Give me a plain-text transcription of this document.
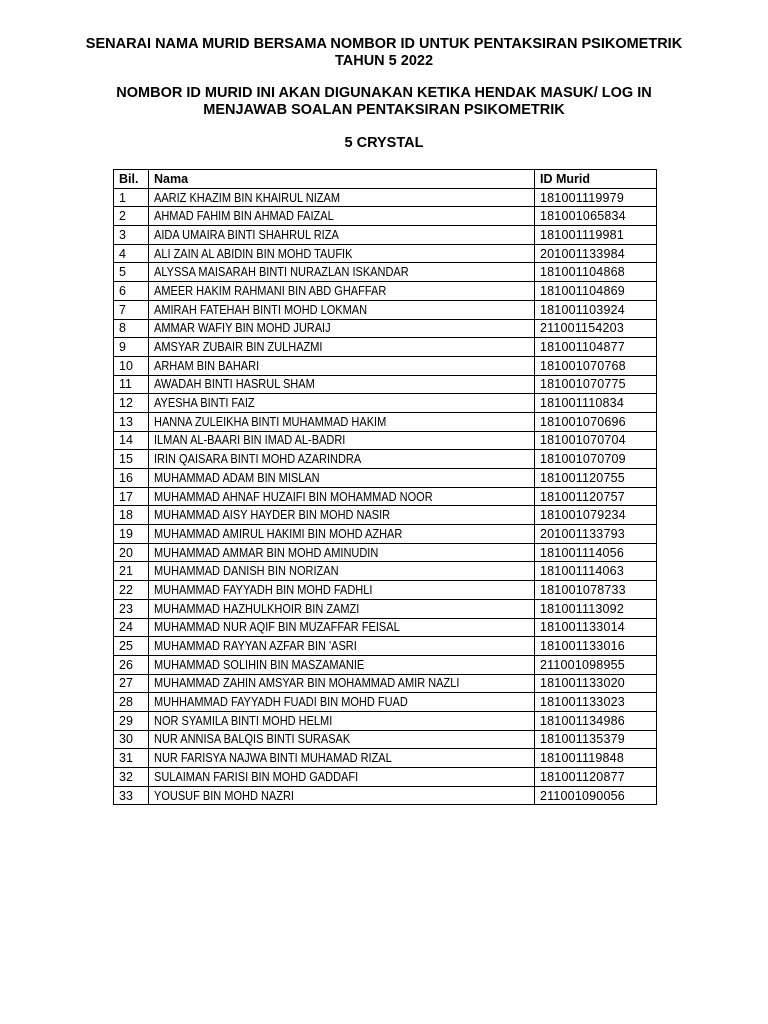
SENARAI NAMA MURID BERSAMA NOMBOR ID UNTUK PENTAKSIRAN PSIKOMETRIK
TAHUN 5 2022
NOMBOR ID MURID INI AKAN DIGUNAKAN KETIKA HENDAK MASUK/ LOG IN
MENJAWAB SOALAN PENTAKSIRAN PSIKOMETRIK
5 CRYSTAL
Bil.	Nama	ID Murid
1	AARIZ KHAZIM BIN KHAIRUL NIZAM	181001119979
2	AHMAD FAHIM BIN AHMAD FAIZAL	181001065834
3	AIDA UMAIRA BINTI SHAHRUL RIZA	181001119981
4	ALI ZAIN AL ABIDIN BIN MOHD TAUFIK	201001133984
5	ALYSSA MAISARAH BINTI NURAZLAN ISKANDAR	181001104868
6	AMEER HAKIM RAHMANI BIN ABD GHAFFAR	181001104869
7	AMIRAH FATEHAH BINTI MOHD LOKMAN	181001103924
8	AMMAR WAFIY BIN MOHD JURAIJ	211001154203
9	AMSYAR ZUBAIR BIN ZULHAZMI	181001104877
10	ARHAM BIN BAHARI	181001070768
11	AWADAH BINTI HASRUL SHAM	181001070775
12	AYESHA BINTI FAIZ	181001110834
13	HANNA ZULEIKHA BINTI MUHAMMAD HAKIM	181001070696
14	ILMAN AL-BAARI BIN IMAD AL-BADRI	181001070704
15	IRIN QAISARA BINTI MOHD AZARINDRA	181001070709
16	MUHAMMAD ADAM BIN MISLAN	181001120755
17	MUHAMMAD AHNAF HUZAIFI BIN MOHAMMAD NOOR	181001120757
18	MUHAMMAD AISY HAYDER BIN MOHD NASIR	181001079234
19	MUHAMMAD AMIRUL HAKIMI BIN MOHD AZHAR	201001133793
20	MUHAMMAD AMMAR BIN MOHD AMINUDIN	181001114056
21	MUHAMMAD DANISH BIN NORIZAN	181001114063
22	MUHAMMAD FAYYADH BIN MOHD FADHLI	181001078733
23	MUHAMMAD HAZHULKHOIR BIN ZAMZI	181001113092
24	MUHAMMAD NUR AQIF BIN MUZAFFAR FEISAL	181001133014
25	MUHAMMAD RAYYAN AZFAR BIN 'ASRI	181001133016
26	MUHAMMAD SOLIHIN BIN MASZAMANIE	211001098955
27	MUHAMMAD ZAHIN AMSYAR BIN MOHAMMAD AMIR NAZLI	181001133020
28	MUHHAMMAD FAYYADH FUADI BIN MOHD FUAD	181001133023
29	NOR SYAMILA BINTI MOHD HELMI	181001134986
30	NUR ANNISA BALQIS BINTI SURASAK	181001135379
31	NUR FARISYA NAJWA BINTI MUHAMAD RIZAL	181001119848
32	SULAIMAN FARISI BIN MOHD GADDAFI	181001120877
33	YOUSUF BIN MOHD NAZRI	211001090056
